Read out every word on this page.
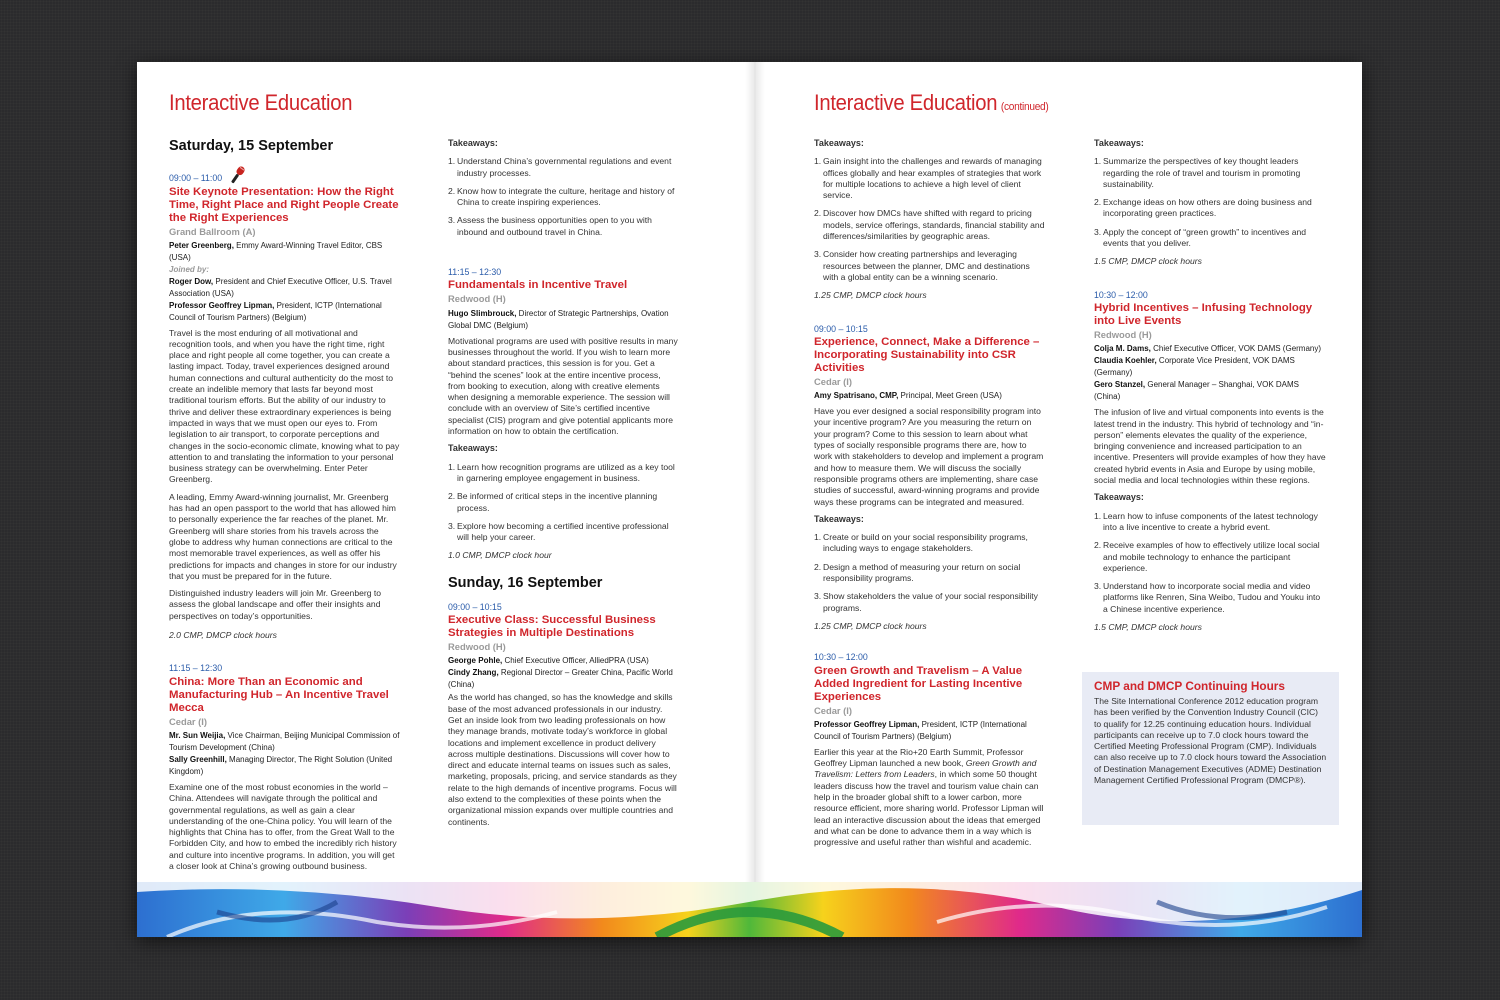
Interactive Education
Saturday, 15 September
09:00 – 11:00
Site Keynote Presentation: How the Right Time, Right Place and Right People Create the Right Experiences
Grand Ballroom (A)
Peter Greenberg, Emmy Award-Winning Travel Editor, CBS (USA)
Joined by:
Roger Dow, President and Chief Executive Officer, U.S. Travel Association (USA)
Professor Geoffrey Lipman, President, ICTP (International Council of Tourism Partners) (Belgium)
Travel is the most enduring of all motivational and recognition tools, and when you have the right time, right place and right people all come together, you can create a lasting impact. Today, travel experiences designed around human connections and cultural authenticity do the most to create an indelible memory that lasts far beyond most traditional tourism efforts. But the ability of our industry to thrive and deliver these extraordinary experiences is being impacted in ways that we must open our eyes to. From legislation to air transport, to corporate perceptions and changes in the socio-economic climate, knowing what to pay attention to and translating the information to your personal business strategy can be overwhelming. Enter Peter Greenberg.
A leading, Emmy Award-winning journalist, Mr. Greenberg has had an open passport to the world that has allowed him to personally experience the far reaches of the planet. Mr. Greenberg will share stories from his travels across the globe to address why human connections are critical to the most memorable travel experiences, as well as offer his predictions for impacts and changes in store for our industry that you must be prepared for in the future.
Distinguished industry leaders will join Mr. Greenberg to assess the global landscape and offer their insights and perspectives on today’s opportunities.
2.0 CMP, DMCP clock hours
11:15 – 12:30
China: More Than an Economic and Manufacturing Hub – An Incentive Travel Mecca
Cedar (I)
Mr. Sun Weijia, Vice Chairman, Beijing Municipal Commission of Tourism Development (China)
Sally Greenhill, Managing Director, The Right Solution (United Kingdom)
Examine one of the most robust economies in the world – China. Attendees will navigate through the political and governmental regulations, as well as gain a clear understanding of the one-China policy. You will learn of the highlights that China has to offer, from the Great Wall to the Forbidden City, and how to embed the incredibly rich history and culture into incentive programs. In addition, you will get a closer look at China’s growing outbound business.
Takeaways:
1. Understand China’s governmental regulations and event industry processes.
2. Know how to integrate the culture, heritage and history of China to create inspiring experiences.
3. Assess the business opportunities open to you with inbound and outbound travel in China.
11:15 – 12:30
Fundamentals in Incentive Travel
Redwood (H)
Hugo Slimbrouck, Director of Strategic Partnerships, Ovation Global DMC (Belgium)
Motivational programs are used with positive results in many businesses throughout the world. If you wish to learn more about standard practices, this session is for you. Get a “behind the scenes” look at the entire incentive process, from booking to execution, along with creative elements when designing a memorable experience. The session will conclude with an overview of Site’s certified incentive specialist (CIS) program and give potential applicants more information on how to obtain the certification.
Takeaways:
1. Learn how recognition programs are utilized as a key tool in garnering employee engagement in business.
2. Be informed of critical steps in the incentive planning process.
3. Explore how becoming a certified incentive professional will help your career.
1.0 CMP, DMCP clock hour
Sunday, 16 September
09:00 – 10:15
Executive Class: Successful Business Strategies in Multiple Destinations
Redwood (H)
George Pohle, Chief Executive Officer, AlliedPRA (USA)
Cindy Zhang, Regional Director – Greater China, Pacific World (China)
As the world has changed, so has the knowledge and skills base of the most advanced professionals in our industry. Get an inside look from two leading professionals on how they manage brands, motivate today’s workforce in global locations and implement excellence in product delivery across multiple destinations. Discussions will cover how to direct and educate internal teams on issues such as sales, marketing, proposals, pricing, and service standards as they relate to the high demands of incentive programs. Focus will also extend to the complexities of these points when the organizational mission expands over multiple countries and continents.
Interactive Education (continued)
Takeaways:
1. Gain insight into the challenges and rewards of managing offices globally and hear examples of strategies that work for multiple locations to achieve a high level of client service.
2. Discover how DMCs have shifted with regard to pricing models, service offerings, standards, financial stability and differences/similarities by geographic areas.
3. Consider how creating partnerships and leveraging resources between the planner, DMC and destinations with a global entity can be a winning scenario.
1.25 CMP, DMCP clock hours
09:00 – 10:15
Experience, Connect, Make a Difference – Incorporating Sustainability into CSR Activities
Cedar (I)
Amy Spatrisano, CMP, Principal, Meet Green (USA)
Have you ever designed a social responsibility program into your incentive program? Are you measuring the return on your program? Come to this session to learn about what types of socially responsible programs there are, how to work with stakeholders to develop and implement a program and how to measure them. We will discuss the socially responsible programs others are implementing, share case studies of successful, award-winning programs and provide ways these programs can be integrated and measured.
Takeaways:
1. Create or build on your social responsibility programs, including ways to engage stakeholders.
2. Design a method of measuring your return on social responsibility programs.
3. Show stakeholders the value of your social responsibility programs.
1.25 CMP, DMCP clock hours
10:30 – 12:00
Green Growth and Travelism – A Value Added Ingredient for Lasting Incentive Experiences
Cedar (I)
Professor Geoffrey Lipman, President, ICTP (International Council of Tourism Partners) (Belgium)
Earlier this year at the Rio+20 Earth Summit, Professor Geoffrey Lipman launched a new book, Green Growth and Travelism: Letters from Leaders, in which some 50 thought leaders discuss how the travel and tourism value chain can help in the broader global shift to a lower carbon, more resource efficient, more sharing world. Professor Lipman will lead an interactive discussion about the ideas that emerged and what can be done to advance them in a way which is progressive and useful rather than wishful and academic.
Takeaways:
1. Summarize the perspectives of key thought leaders regarding the role of travel and tourism in promoting sustainability.
2. Exchange ideas on how others are doing business and incorporating green practices.
3. Apply the concept of “green growth” to incentives and events that you deliver.
1.5 CMP, DMCP clock hours
10:30 – 12:00
Hybrid Incentives – Infusing Technology into Live Events
Redwood (H)
Colja M. Dams, Chief Executive Officer, VOK DAMS (Germany)
Claudia Koehler, Corporate Vice President, VOK DAMS (Germany)
Gero Stanzel, General Manager – Shanghai, VOK DAMS (China)
The infusion of live and virtual components into events is the latest trend in the industry. This hybrid of technology and “in-person” elements elevates the quality of the experience, bringing convenience and increased participation to an incentive. Presenters will provide examples of how they have created hybrid events in Asia and Europe by using mobile, social media and local technologies within these regions.
Takeaways:
1. Learn how to infuse components of the latest technology into a live incentive to create a hybrid event.
2. Receive examples of how to effectively utilize local social and mobile technology to enhance the participant experience.
3. Understand how to incorporate social media and video platforms like Renren, Sina Weibo, Tudou and Youku into a Chinese incentive experience.
1.5 CMP, DMCP clock hours
CMP and DMCP Continuing Hours
The Site International Conference 2012 education program has been verified by the Convention Industry Council (CIC) to qualify for 12.25 continuing education hours. Individual participants can receive up to 7.0 clock hours toward the Certified Meeting Professional Program (CMP). Individuals can also receive up to 7.0 clock hours toward the Association of Destination Management Executives (ADME) Destination Management Certified Professional Program (DMCP®).
